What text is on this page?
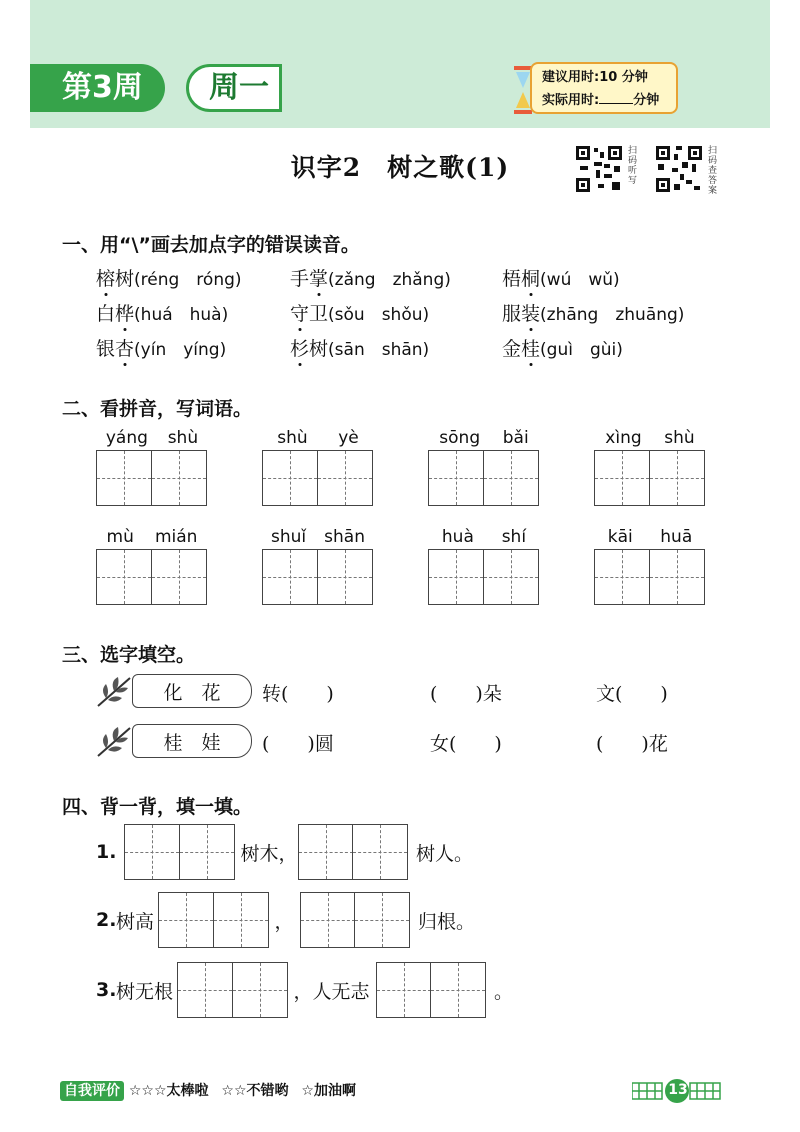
第3周	周一	建议用时:10 分钟
实际用时:	分钟
识字2　树之歌(1)
扫码听写
扫码查答案
一、用“\”画去加点字的错误读音。
榕树(réng　róng)	手掌(zǎng　zhǎng)	梧桐(wú　wǔ)
白桦(huá　huà)	守卫(sǒu　shǒu)	服装(zhāng　zhuāng)
银杏(yín　yíng)	杉树(sān　shān)	金桂(guì　gùi)
二、看拼音，写词语。
yáng shù	shù yè	sōng bǎi	xìng shù
mù mián	shuǐ shān	huà shí	kāi huā
三、选字填空。
化　花 转(　　)	(　　)朵	文(　　)
桂　娃 (　　)圆	女(　　)	(　　)花
四、背一背，填一填。
1.	树木，	树人。
2. 树高	，	归根。
3. 树无根	，人无志	。
自我评价 ☆☆☆太棒啦 ☆☆不错哟 ☆加油啊	13
